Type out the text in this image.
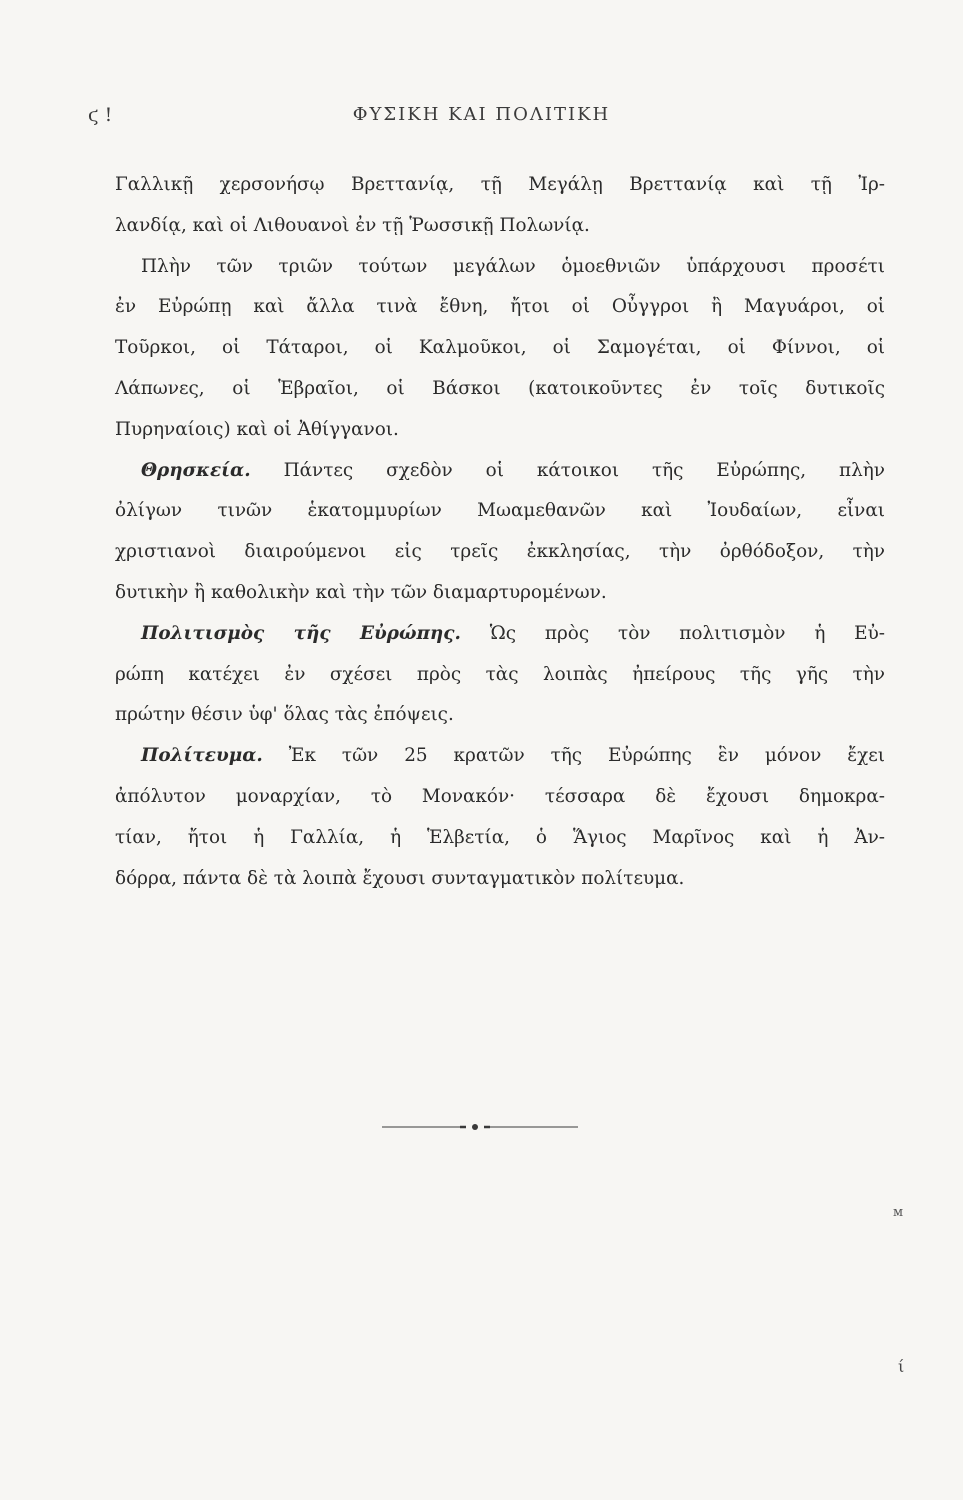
ϛ !	ΦΥΣΙΚΗ ΚΑΙ ΠΟΛΙΤΙΚΗ
Γαλλικῇ χερσονήσῳ Βρεττανίᾳ, τῇ Μεγάλῃ Βρεττανίᾳ καὶ τῇ Ἰρ-
λανδίᾳ, καὶ οἱ Λιθουανοὶ ἐν τῇ Ῥωσσικῇ Πολωνίᾳ.
Πλὴν τῶν τριῶν τούτων μεγάλων ὁμοεθνιῶν ὑπάρχουσι προσέτι
ἐν Εὐρώπῃ καὶ ἄλλα τινὰ ἔθνη, ἤτοι οἱ Οὖγγροι ἢ Μαγυάροι, οἱ
Τοῦρκοι, οἱ Τάταροι, οἱ Καλμοῦκοι, οἱ Σαμογέται, οἱ Φίννοι, οἱ
Λάπωνες, οἱ Ἑβραῖοι, οἱ Βάσκοι (κατοικοῦντες ἐν τοῖς δυτικοῖς
Πυρηναίοις) καὶ οἱ Ἀθίγγανοι.
Θρησκεία. Πάντες σχεδὸν οἱ κάτοικοι τῆς Εὐρώπης, πλὴν
ὀλίγων τινῶν ἑκατομμυρίων Μωαμεθανῶν καὶ Ἰουδαίων, εἶναι
χριστιανοὶ διαιρούμενοι εἰς τρεῖς ἐκκλησίας, τὴν ὀρθόδοξον, τὴν
δυτικὴν ἢ καθολικὴν καὶ τὴν τῶν διαμαρτυρομένων.
Πολιτισμὸς τῆς Εὐρώπης. Ὡς πρὸς τὸν πολιτισμὸν ἡ Εὐ-
ρώπη κατέχει ἐν σχέσει πρὸς τὰς λοιπὰς ἠπείρους τῆς γῆς τὴν
πρώτην θέσιν ὑφ' ὅλας τὰς ἐπόψεις.
Πολίτευμα. Ἐκ τῶν 25 κρατῶν τῆς Εὐρώπης ἓν μόνον ἔχει
ἀπόλυτον μοναρχίαν, τὸ Μονακόν· τέσσαρα δὲ ἔχουσι δημοκρα-
τίαν, ἤτοι ἡ Γαλλία, ἡ Ἑλβετία, ὁ Ἅγιος Μαρῖνος καὶ ἡ Ἀν-
δόρρα, πάντα δὲ τὰ λοιπὰ ἔχουσι συνταγματικὸν πολίτευμα.
ᴍ
ί
